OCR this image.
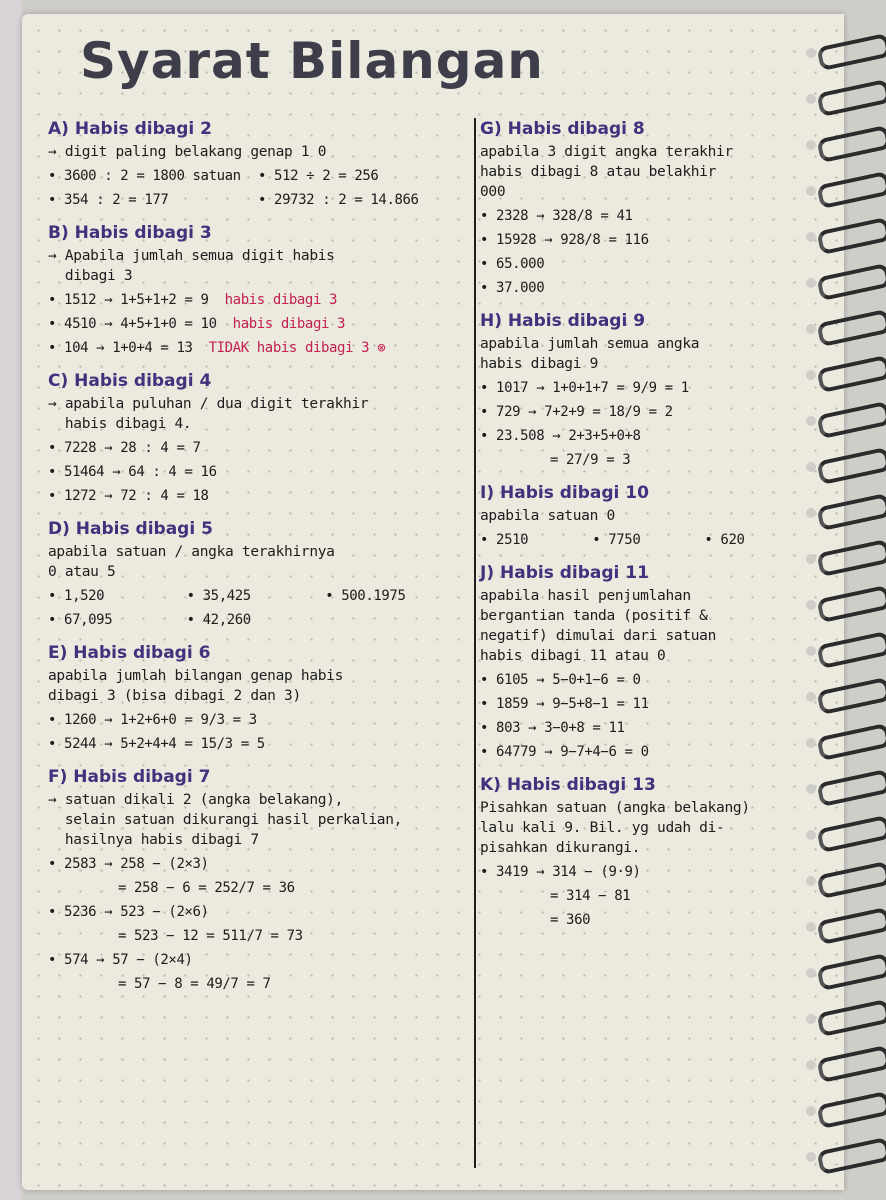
Syarat Bilangan
A) Habis dibagi 2

→ digit paling belakang genap 1 0

• 3600 : 2 = 1800 satuan	• 512 ÷ 2 = 256
• 354 : 2 = 177	• 29732 : 2 = 14.866
B) Habis dibagi 3

→ Apabila jumlah semua digit habis
dibagi 3

• 1512 → 1+5+1+2 = 9 habis dibagi 3
• 4510 → 4+5+1+0 = 10 habis dibagi 3
• 104 → 1+0+4 = 13 TIDAK habis dibagi 3 ⊗
C) Habis dibagi 4

→ apabila puluhan / dua digit terakhir
habis dibagi 4.

• 7228 → 28 : 4 = 7
• 51464 → 64 : 4 = 16
• 1272 → 72 : 4 = 18
D) Habis dibagi 5

apabila satuan / angka terakhirnya
0 atau 5

• 1,520	• 35,425	• 500.1975
• 67,095	• 42,260
E) Habis dibagi 6

apabila jumlah bilangan genap habis
dibagi 3 (bisa dibagi 2 dan 3)

• 1260 → 1+2+6+0 = 9/3 = 3
• 5244 → 5+2+4+4 = 15/3 = 5
F) Habis dibagi 7

→ satuan dikali 2 (angka belakang),
selain satuan dikurangi hasil perkalian,
hasilnya habis dibagi 7

• 2583 → 258 − (2×3)
= 258 − 6 = 252/7 = 36
• 5236 → 523 − (2×6)
= 523 − 12 = 511/7 = 73
• 574 → 57 − (2×4)
= 57 − 8 = 49/7 = 7
G) Habis dibagi 8

apabila 3 digit angka terakhir
habis dibagi 8 atau belakhir
000

• 2328 → 328/8 = 41
• 15928 → 928/8 = 116
• 65.000
• 37.000
H) Habis dibagi 9

apabila jumlah semua angka
habis dibagi 9

• 1017 → 1+0+1+7 = 9/9 = 1
• 729 → 7+2+9 = 18/9 = 2
• 23.508 → 2+3+5+0+8
= 27/9 = 3
I) Habis dibagi 10

apabila satuan 0

• 2510	• 7750	• 620
J) Habis dibagi 11

apabila hasil penjumlahan
bergantian tanda (positif &
negatif) dimulai dari satuan
habis dibagi 11 atau 0

• 6105 → 5−0+1−6 = 0
• 1859 → 9−5+8−1 = 11
• 803 → 3−0+8 = 11
• 64779 → 9−7+4−6 = 0
K) Habis dibagi 13

Pisahkan satuan (angka belakang)
lalu kali 9. Bil. yg udah di-
pisahkan dikurangi.

• 3419 → 314 − (9·9)
= 314 − 81
= 360
